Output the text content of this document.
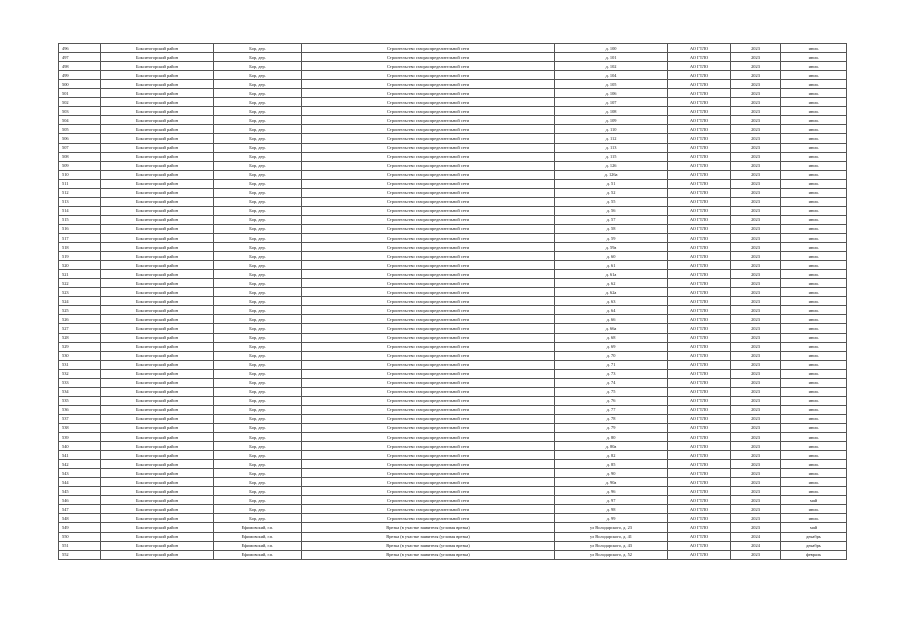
496	Бокситогорский район	Бор, дер.	Строительство газораспределительной сети	д. 100	АО ГТЛО	2023	июль
497	Бокситогорский район	Бор, дер.	Строительство газораспределительной сети	д. 101	АО ГТЛО	2023	июль
498	Бокситогорский район	Бор, дер.	Строительство газораспределительной сети	д. 102	АО ГТЛО	2023	июль
499	Бокситогорский район	Бор, дер.	Строительство газораспределительной сети	д. 104	АО ГТЛО	2023	июль
500	Бокситогорский район	Бор, дер.	Строительство газораспределительной сети	д. 105	АО ГТЛО	2023	июль
501	Бокситогорский район	Бор, дер.	Строительство газораспределительной сети	д. 106	АО ГТЛО	2023	июль
502	Бокситогорский район	Бор, дер.	Строительство газораспределительной сети	д. 107	АО ГТЛО	2023	июль
503	Бокситогорский район	Бор, дер.	Строительство газораспределительной сети	д. 108	АО ГТЛО	2023	июль
504	Бокситогорский район	Бор, дер.	Строительство газораспределительной сети	д. 109	АО ГТЛО	2023	июль
505	Бокситогорский район	Бор, дер.	Строительство газораспределительной сети	д. 110	АО ГТЛО	2023	июль
506	Бокситогорский район	Бор, дер.	Строительство газораспределительной сети	д. 112	АО ГТЛО	2023	июль
507	Бокситогорский район	Бор, дер.	Строительство газораспределительной сети	д. 113	АО ГТЛО	2023	июль
508	Бокситогорский район	Бор, дер.	Строительство газораспределительной сети	д. 115	АО ГТЛО	2023	июль
509	Бокситогорский район	Бор, дер.	Строительство газораспределительной сети	д. 126	АО ГТЛО	2023	июль
510	Бокситогорский район	Бор, дер.	Строительство газораспределительной сети	д. 126а	АО ГТЛО	2023	июль
511	Бокситогорский район	Бор, дер.	Строительство газораспределительной сети	д. 51	АО ГТЛО	2023	июль
512	Бокситогорский район	Бор, дер.	Строительство газораспределительной сети	д. 52	АО ГТЛО	2023	июль
513	Бокситогорский район	Бор, дер.	Строительство газораспределительной сети	д. 55	АО ГТЛО	2023	июль
514	Бокситогорский район	Бор, дер.	Строительство газораспределительной сети	д. 56	АО ГТЛО	2023	июль
515	Бокситогорский район	Бор, дер.	Строительство газораспределительной сети	д. 57	АО ГТЛО	2023	июль
516	Бокситогорский район	Бор, дер.	Строительство газораспределительной сети	д. 58	АО ГТЛО	2023	июль
517	Бокситогорский район	Бор, дер.	Строительство газораспределительной сети	д. 59	АО ГТЛО	2023	июль
518	Бокситогорский район	Бор, дер.	Строительство газораспределительной сети	д. 59а	АО ГТЛО	2023	июль
519	Бокситогорский район	Бор, дер.	Строительство газораспределительной сети	д. 60	АО ГТЛО	2023	июль
520	Бокситогорский район	Бор, дер.	Строительство газораспределительной сети	д. 61	АО ГТЛО	2023	июль
521	Бокситогорский район	Бор, дер.	Строительство газораспределительной сети	д. 61а	АО ГТЛО	2023	июль
522	Бокситогорский район	Бор, дер.	Строительство газораспределительной сети	д. 62	АО ГТЛО	2023	июль
523	Бокситогорский район	Бор, дер.	Строительство газораспределительной сети	д. 62а	АО ГТЛО	2023	июль
524	Бокситогорский район	Бор, дер.	Строительство газораспределительной сети	д. 63	АО ГТЛО	2023	июль
525	Бокситогорский район	Бор, дер.	Строительство газораспределительной сети	д. 64	АО ГТЛО	2023	июль
526	Бокситогорский район	Бор, дер.	Строительство газораспределительной сети	д. 66	АО ГТЛО	2023	июль
527	Бокситогорский район	Бор, дер.	Строительство газораспределительной сети	д. 66а	АО ГТЛО	2023	июль
528	Бокситогорский район	Бор, дер.	Строительство газораспределительной сети	д. 68	АО ГТЛО	2023	июль
529	Бокситогорский район	Бор, дер.	Строительство газораспределительной сети	д. 69	АО ГТЛО	2023	июль
530	Бокситогорский район	Бор, дер.	Строительство газораспределительной сети	д. 70	АО ГТЛО	2023	июль
531	Бокситогорский район	Бор, дер.	Строительство газораспределительной сети	д. 71	АО ГТЛО	2023	июль
532	Бокситогорский район	Бор, дер.	Строительство газораспределительной сети	д. 73	АО ГТЛО	2023	июль
533	Бокситогорский район	Бор, дер.	Строительство газораспределительной сети	д. 74	АО ГТЛО	2023	июль
534	Бокситогорский район	Бор, дер.	Строительство газораспределительной сети	д. 75	АО ГТЛО	2023	июль
535	Бокситогорский район	Бор, дер.	Строительство газораспределительной сети	д. 76	АО ГТЛО	2023	июль
536	Бокситогорский район	Бор, дер.	Строительство газораспределительной сети	д. 77	АО ГТЛО	2023	июль
537	Бокситогорский район	Бор, дер.	Строительство газораспределительной сети	д. 78	АО ГТЛО	2023	июль
538	Бокситогорский район	Бор, дер.	Строительство газораспределительной сети	д. 79	АО ГТЛО	2023	июль
539	Бокситогорский район	Бор, дер.	Строительство газораспределительной сети	д. 80	АО ГТЛО	2023	июль
540	Бокситогорский район	Бор, дер.	Строительство газораспределительной сети	д. 80а	АО ГТЛО	2023	июль
541	Бокситогорский район	Бор, дер.	Строительство газораспределительной сети	д. 82	АО ГТЛО	2023	июль
542	Бокситогорский район	Бор, дер.	Строительство газораспределительной сети	д. 85	АО ГТЛО	2023	июль
543	Бокситогорский район	Бор, дер.	Строительство газораспределительной сети	д. 90	АО ГТЛО	2023	июль
544	Бокситогорский район	Бор, дер.	Строительство газораспределительной сети	д. 90а	АО ГТЛО	2023	июль
545	Бокситогорский район	Бор, дер.	Строительство газораспределительной сети	д. 96	АО ГТЛО	2023	июль
546	Бокситогорский район	Бор, дер.	Строительство газораспределительной сети	д. 97	АО ГТЛО	2023	май
547	Бокситогорский район	Бор, дер.	Строительство газораспределительной сети	д. 98	АО ГТЛО	2023	июль
548	Бокситогорский район	Бор, дер.	Строительство газораспределительной сети	д. 99	АО ГТЛО	2023	июль
549	Бокситогорский район	Ефимовский, г.п.	Врезка (в участке заявителя (угловая врезка)	ул Володарского, д. 23	АО ГТЛО	2023	май
550	Бокситогорский район	Ефимовский, г.п.	Врезка (в участке заявителя (угловая врезка)	ул Володарского, д. 41	АО ГТЛО	2024	декабрь
551	Бокситогорский район	Ефимовский, г.п.	Врезка (в участке заявителя (угловая врезка)	ул Володарского, д. 43	АО ГТЛО	2024	декабрь
552	Бокситогорский район	Ефимовский, г.п.	Врезка (в участке заявителя (угловая врезка)	ул Володарского, д. 52	АО ГТЛО	2023	февраль
